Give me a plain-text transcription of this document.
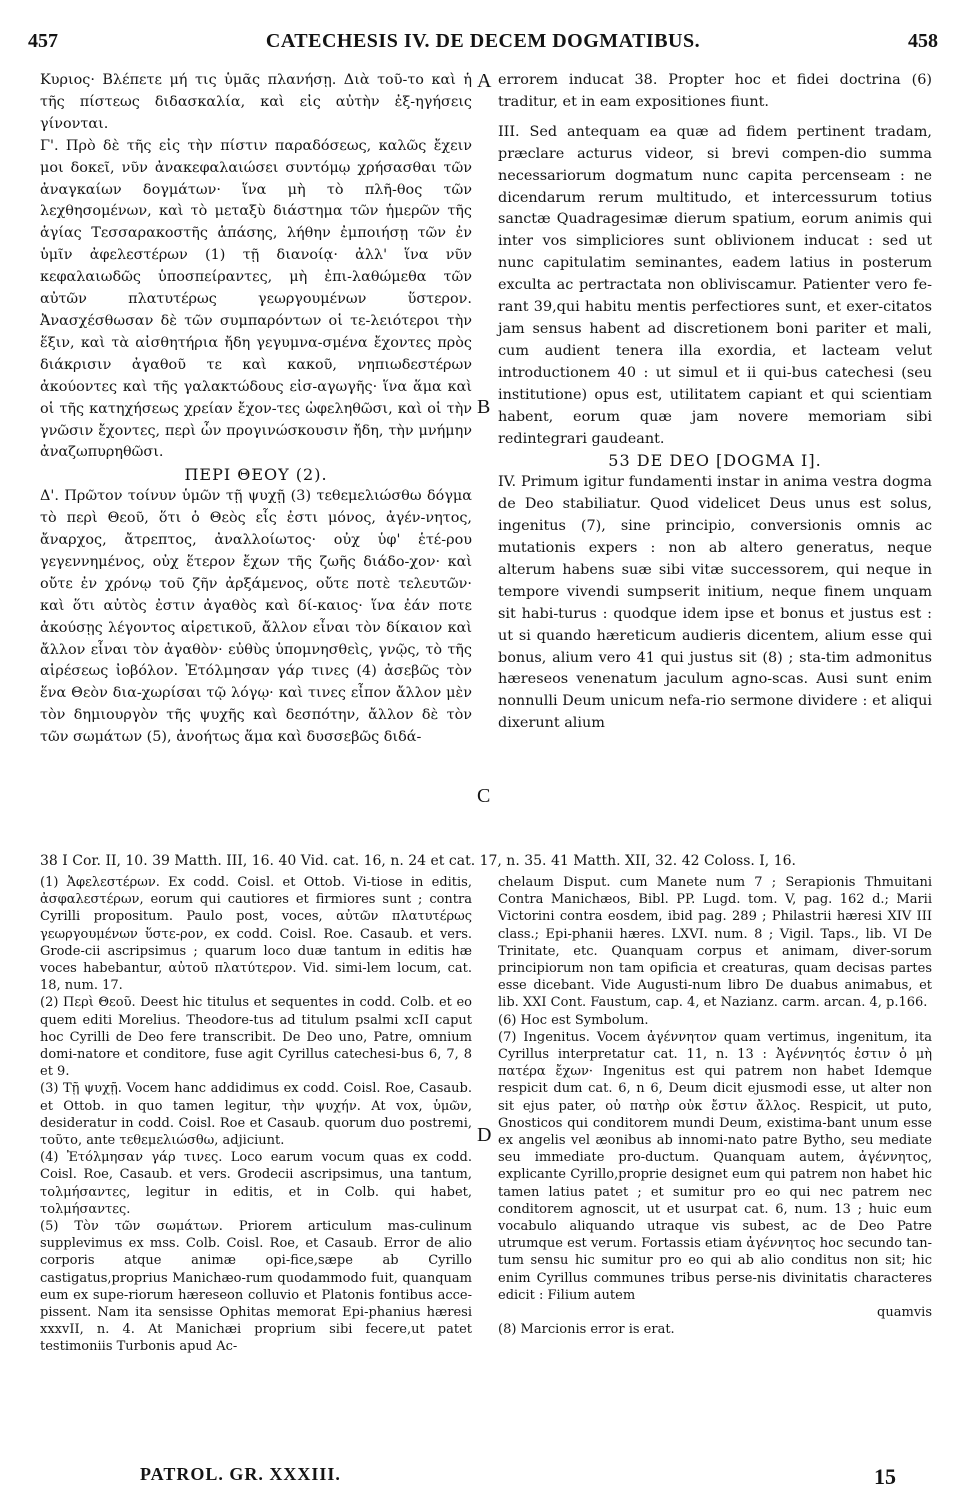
457	CATECHESIS IV. DE DECEM DOGMATIBUS.	458

Κυριος· Βλέπετε μή τις ὑμᾶς πλανήσῃ. Διὰ τοῦ-το καὶ ἡ τῆς πίστεως διδασκαλία, καὶ εἰς αὐτὴν ἐξ-ηγήσεις γίνονται.

Γ'. Πρὸ δὲ τῆς εἰς τὴν πίστιν παραδόσεως, καλῶς ἔχειν μοι δοκεῖ, νῦν ἀνακεφαλαιώσει συντόμῳ χρήσασθαι τῶν ἀναγκαίων δογμάτων· ἵνα μὴ τὸ πλῆ-θος τῶν λεχθησομένων, καὶ τὸ μεταξὺ διάστημα τῶν ἡμερῶν τῆς ἁγίας Τεσσαρακοστῆς ἁπάσης, λήθην ἐμποιήσῃ τῶν ἐν ὑμῖν ἀφελεστέρων (1) τῇ διανοίᾳ· ἀλλ' ἵνα νῦν κεφαλαιωδῶς ὑποσπείραντες, μὴ ἐπι-λαθώμεθα τῶν αὐτῶν πλατυτέρως γεωργουμένων ὕστερον. Ἀνασχέσθωσαν δὲ τῶν συμπαρόντων οἱ τε-λειότεροι τὴν ἕξιν, καὶ τὰ αἰσθητήρια ἤδη γεγυμνα-σμένα ἔχοντες πρὸς διάκρισιν ἀγαθοῦ τε καὶ κακοῦ, νηπιωδεστέρων ἀκούοντες καὶ τῆς γαλακτώδους εἰσ-αγωγῆς· ἵνα ἅμα καὶ οἱ τῆς κατηχήσεως χρείαν ἔχον-τες ὠφεληθῶσι, καὶ οἱ τὴν γνῶσιν ἔχοντες, περὶ ὧν προγινώσκουσιν ἤδη, τὴν μνήμην ἀναζωπυρηθῶσι.

ΠΕΡΙ ΘΕΟΥ (2).

Δ'. Πρῶτον τοίνυν ὑμῶν τῇ ψυχῇ (3) τεθεμελιώσθω δόγμα τὸ περὶ Θεοῦ, ὅτι ὁ Θεὸς εἷς ἐστι μόνος, ἀγέν-νητος, ἄναρχος, ἄτρεπτος, ἀναλλοίωτος· οὐχ ὑφ' ἑτέ-ρου γεγεννημένος, οὐχ ἕτερον ἔχων τῆς ζωῆς διάδο-χον· καὶ οὔτε ἐν χρόνῳ τοῦ ζῆν ἀρξάμενος, οὔτε ποτὲ τελευτῶν· καὶ ὅτι αὐτὸς ἐστιν ἀγαθὸς καὶ δί-καιος· ἵνα ἐάν ποτε ἀκούσῃς λέγοντος αἱρετικοῦ, ἄλλον εἶναι τὸν δίκαιον καὶ ἄλλον εἶναι τὸν ἀγαθὸν· εὐθὺς ὑπομνησθεὶς, γνῷς, τὸ τῆς αἱρέσεως ἰοβόλον. Ἐτόλμησαν γάρ τινες (4) ἀσεβῶς τὸν ἕνα Θεὸν δια-χωρίσαι τῷ λόγῳ· καὶ τινες εἶπον ἄλλον μὲν τὸν δημιουργὸν τῆς ψυχῆς καὶ δεσπότην, ἄλλον δὲ τὸν τῶν σωμάτων (5), ἀνοήτως ἅμα καὶ δυσσεβῶς διδά-

errorem inducat 38. Propter hoc et fidei doctrina (6) traditur, et in eam expositiones fiunt.

III. Sed antequam ea quæ ad fidem pertinent tradam, præclare acturus videor, si brevi compen-dio summa necessariorum dogmatum nunc capita percenseam : ne dicendarum rerum multitudo, et intercessurum totius sanctæ Quadragesimæ dierum spatium, eorum animis qui inter vos simpliciores sunt oblivionem inducat : sed ut nunc capitulatim seminantes, eadem latius in posterum exculta ac pertractata non obliviscamur. Patienter vero fe-rant 39,qui habitu mentis perfectiores sunt, et exer-citatos jam sensus habent ad discretionem boni pariter et mali, cum audient tenera illa exordia, et lacteam velut introductionem 40 : ut simul et ii qui-bus catechesi (seu institutione) opus est, utilitatem capiant et qui scientiam habent, eorum quæ jam novere memoriam sibi redintegrari gaudeant.

53 DE DEO [DOGMA I].

IV. Primum igitur fundamenti instar in anima vestra dogma de Deo stabiliatur. Quod videlicet Deus unus est solus, ingenitus (7), sine principio, conversionis omnis ac mutationis expers : non ab altero generatus, neque alterum habens suæ sibi vitæ successorem, qui neque in tempore vivendi sumpserit initium, neque finem unquam sit habi-turus : quodque idem ipse et bonus et justus est : ut si quando hæreticum audieris dicentem, alium esse qui bonus, alium vero 41 qui justus sit (8) ; sta-tim admonitus hæreseos venenatum jaculum agno-scas. Ausi sunt enim nonnulli Deum unicum nefa-rio sermone dividere : et aliqui dixerunt alium

A
B
C
D
38 I Cor. II, 10. 39 Matth. III, 16. 40 Vid. cat. 16, n. 24 et cat. 17, n. 35. 41 Matth. XII, 32. 42 Coloss. I, 16.

(1) Ἀφελεστέρων. Ex codd. Coisl. et Ottob. Vi-tiose in editis, ἀσφαλεστέρων, eorum qui cautiores et firmiores sunt ; contra Cyrilli propositum. Paulo post, voces, αὐτῶν πλατυτέρως γεωργουμένων ὕστε-ρον, ex codd. Coisl. Roe. Casaub. et vers. Grode-cii ascripsimus ; quarum loco duæ tantum in editis hæ voces habebantur, αὐτοῦ πλατύτερον. Vid. simi-lem locum, cat. 18, num. 17.

(2) Περὶ Θεοῦ. Deest hic titulus et sequentes in codd. Colb. et eo quem editi Morelius. Theodore-tus ad titulum psalmi xcII caput hoc Cyrilli de Deo fere transcribit. De Deo uno, Patre, omnium domi-natore et conditore, fuse agit Cyrillus catechesi-bus 6, 7, 8 et 9.

(3) Τῇ ψυχῇ. Vocem hanc addidimus ex codd. Coisl. Roe, Casaub. et Ottob. in quo tamen legitur, τὴν ψυχήν. At vox, ὑμῶν, desideratur in codd. Coisl. Roe et Casaub. quorum duo postremi, τοῦτο, ante τεθεμελιώσθω, adjiciunt.

(4) Ἐτόλμησαν γάρ τινες. Loco earum vocum quas ex codd. Coisl. Roe, Casaub. et vers. Grodecii ascripsimus, una tantum, τολμήσαντες, legitur in editis, et in Colb. qui habet, τολμήσαντες.

(5) Τὸν τῶν σωμάτων. Priorem articulum mas-culinum supplevimus ex mss. Colb. Coisl. Roe, et Casaub. Error de alio corporis atque animæ opi-fice,sæpe ab Cyrillo castigatus,proprius Manichæo-rum quodammodo fuit, quanquam eum ex supe-riorum hæreseon colluvio et Platonis fontibus acce-pissent. Nam ita sensisse Ophitas memorat Epi-phanius hæresi xxxvII, n. 4. At Manichæi proprium sibi fecere,ut patet testimoniis Turbonis apud Ac-

chelaum Disput. cum Manete num 7 ; Serapionis Thmuitani Contra Manichæos, Bibl. PP. Lugd. tom. V, pag. 162 d.; Marii Victorini contra eosdem, ibid pag. 289 ; Philastrii hæresi XIV III class.; Epi-phanii hæres. LXVI. num. 8 ; Vigil. Taps., lib. VI De Trinitate, etc. Quanquam corpus et animam, diver-sorum principiorum non tam opificia et creaturas, quam decisas partes esse dicebant. Vide Augusti-num libro De duabus animabus, et lib. XXI Cont. Faustum, cap. 4, et Nazianz. carm. arcan. 4, p.166.

(6) Hoc est Symbolum.

(7) Ingenitus. Vocem ἀγέννητον quam vertimus, ingenitum, ita Cyrillus interpretatur cat. 11, n. 13 : Ἀγέννητός ἐστιν ὁ μὴ πατέρα ἔχων· Ingenitus est qui patrem non habet Idemque respicit dum cat. 6, n 6, Deum dicit ejusmodi esse, ut alter non sit ejus pater, οὐ πατὴρ οὐκ ἔστιν ἄλλος. Respicit, ut puto, Gnosticos qui conditorem mundi Deum, existima-bant unum esse ex angelis vel æonibus ab innomi-nato patre Bytho, seu mediate seu immediate pro-ductum. Quanquam autem, ἀγέννητος, explicante Cyrillo,proprie designet eum qui patrem non habet hic tamen latius patet ; et sumitur pro eo qui nec patrem nec conditorem agnoscit, ut et usurpat cat. 6, num. 13 ; huic eum vocabulo aliquando utraque vis subest, ac de Deo Patre utrumque est verum. Fortassis etiam ἀγέννητος hoc secundo tan-tum sensu hic sumitur pro eo qui ab alio conditus non sit; hic enim Cyrillus communes tribus perse-nis divinitatis characteres edicit : Filium autem

quamvis

(8) Marcionis error is erat.

PATROL. GR. XXXIII.	15
